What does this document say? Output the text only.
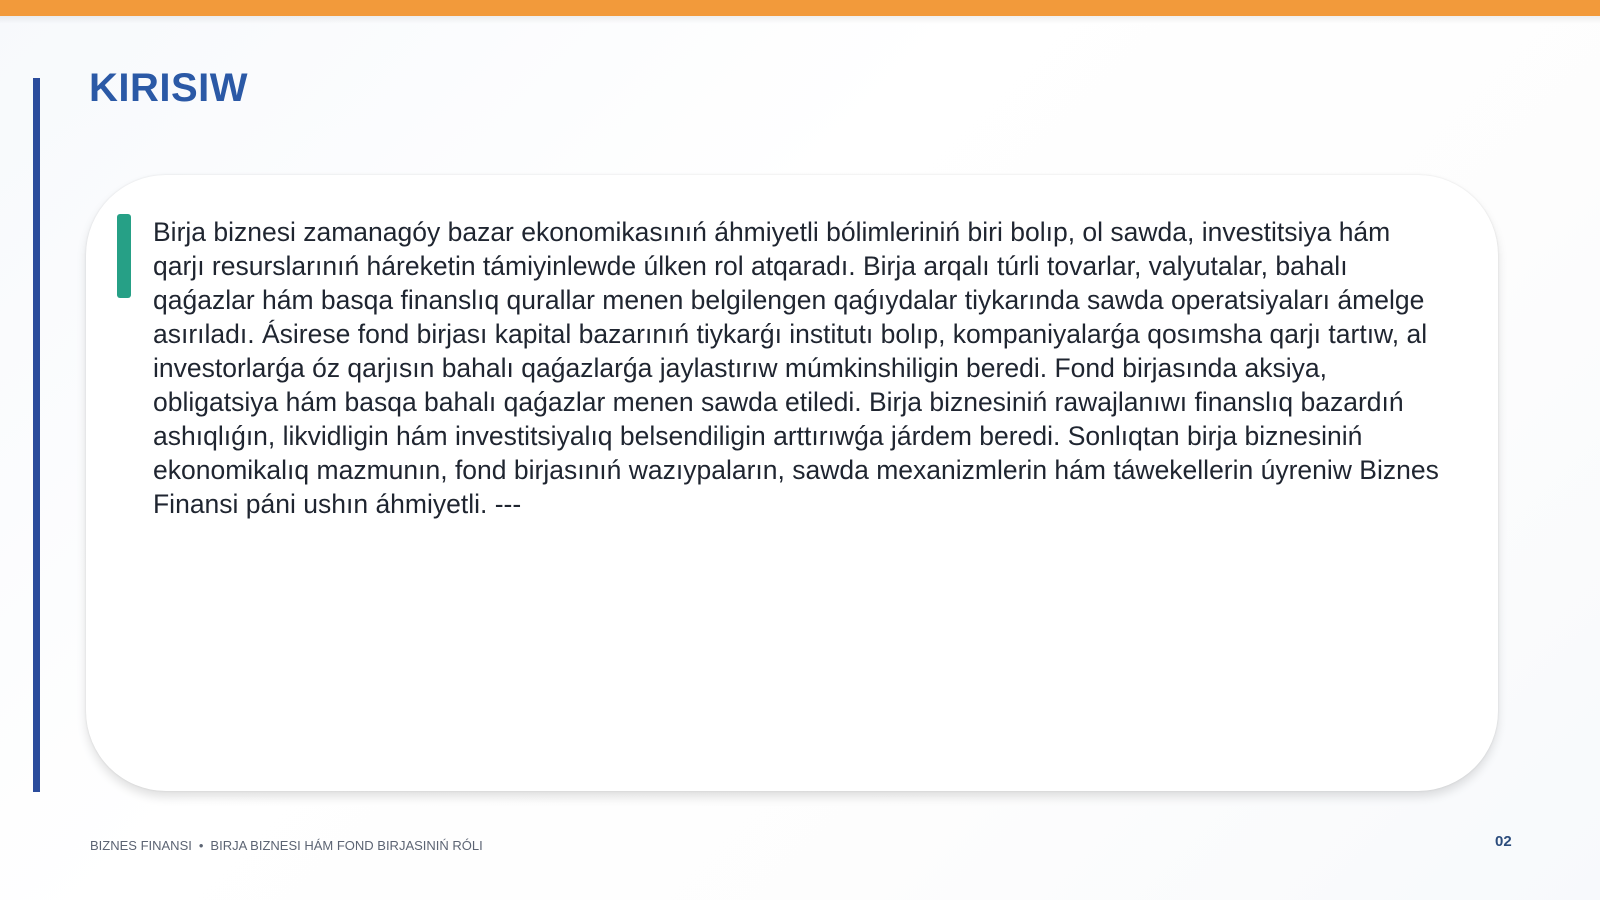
KIRISIW

Birja biznesi zamanagóy bazar ekonomikasınıń áhmiyetli bólimleriniń biri bolıp, ol sawda, investitsiya hám qarjı resurslarınıń háreketin támiyinlewde úlken rol atqaradı. Birja arqalı túrli tovarlar, valyutalar, bahalı qaǵazlar hám basqa finanslıq qurallar menen belgilengen qaǵıydalar tiykarında sawda operatsiyaları ámelge asırıladı. Ásirese fond birjası kapital bazarınıń tiykarǵı institutı bolıp, kompaniyalarǵa qosımsha qarjı tartıw, al investorlarǵa óz qarjısın bahalı qaǵazlarǵa jaylastırıw múmkinshiligin beredi. Fond birjasında aksiya, obligatsiya hám basqa bahalı qaǵazlar menen sawda etiledi. Birja biznesiniń rawajlanıwı finanslıq bazardıń ashıqlıǵın, likvidligin hám investitsiyalıq belsendiligin arttırıwǵa járdem beredi. Sonlıqtan birja biznesiniń ekonomikalıq mazmunın, fond birjasınıń wazıypaların, sawda mexanizmlerin hám táwekellerin úyreniw Biznes Finansi páni ushın áhmiyetli. ---

BIZNES FINANSI • BIRJA BIZNESI HÁM FOND BIRJASINIŃ RÓLI	02
